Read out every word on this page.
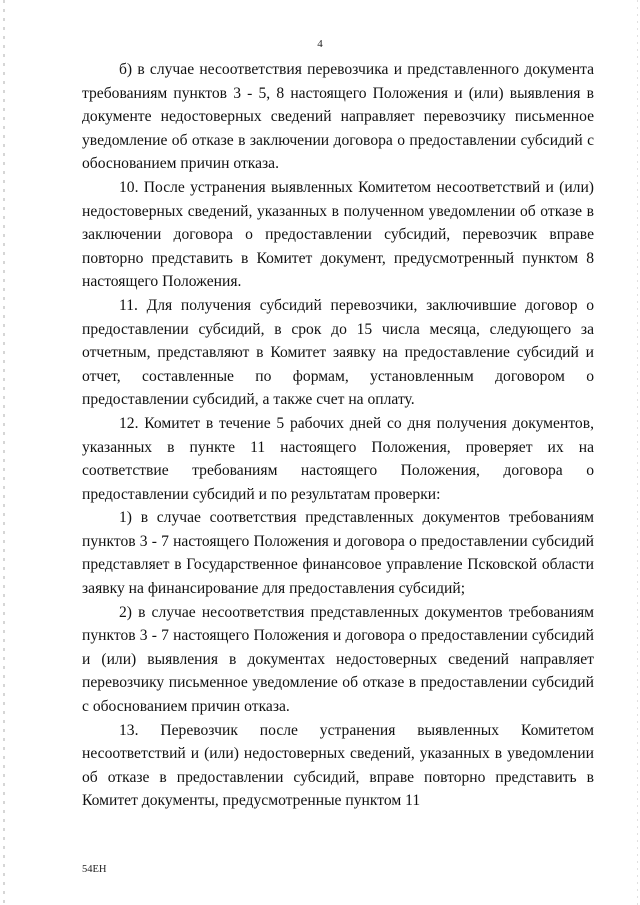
4

б) в случае несоответствия перевозчика и представленного документа требованиям пунктов 3 - 5, 8 настоящего Положения и (или) выявления в документе недостоверных сведений направляет перевозчику письменное уведомление об отказе в заключении договора о предоставлении субсидий с обоснованием причин отказа.

10. После устранения выявленных Комитетом несоответствий и (или) недостоверных сведений, указанных в полученном уведомлении об отказе в заключении договора о предоставлении субсидий, перевозчик вправе повторно представить в Комитет документ, предусмотренный пунктом 8 настоящего Положения.

11. Для получения субсидий перевозчики, заключившие договор о предоставлении субсидий, в срок до 15 числа месяца, следующего за отчетным, представляют в Комитет заявку на предоставление субсидий и отчет, составленные по формам, установленным договором о предоставлении субсидий, а также счет на оплату.

12. Комитет в течение 5 рабочих дней со дня получения документов, указанных в пункте 11 настоящего Положения, проверяет их на соответствие требованиям настоящего Положения, договора о предоставлении субсидий и по результатам проверки:

1) в случае соответствия представленных документов требованиям пунктов 3 - 7 настоящего Положения и договора о предоставлении субсидий представляет в Государственное финансовое управление Псковской области заявку на финансирование для предоставления субсидий;

2) в случае несоответствия представленных документов требованиям пунктов 3 - 7 настоящего Положения и договора о предоставлении субсидий и (или) выявления в документах недостоверных сведений направляет перевозчику письменное уведомление об отказе в предоставлении субсидий с обоснованием причин отказа.

13. Перевозчик после устранения выявленных Комитетом несоответствий и (или) недостоверных сведений, указанных в уведомлении об отказе в предоставлении субсидий, вправе повторно представить в Комитет документы, предусмотренные пунктом 11

54ЕН
